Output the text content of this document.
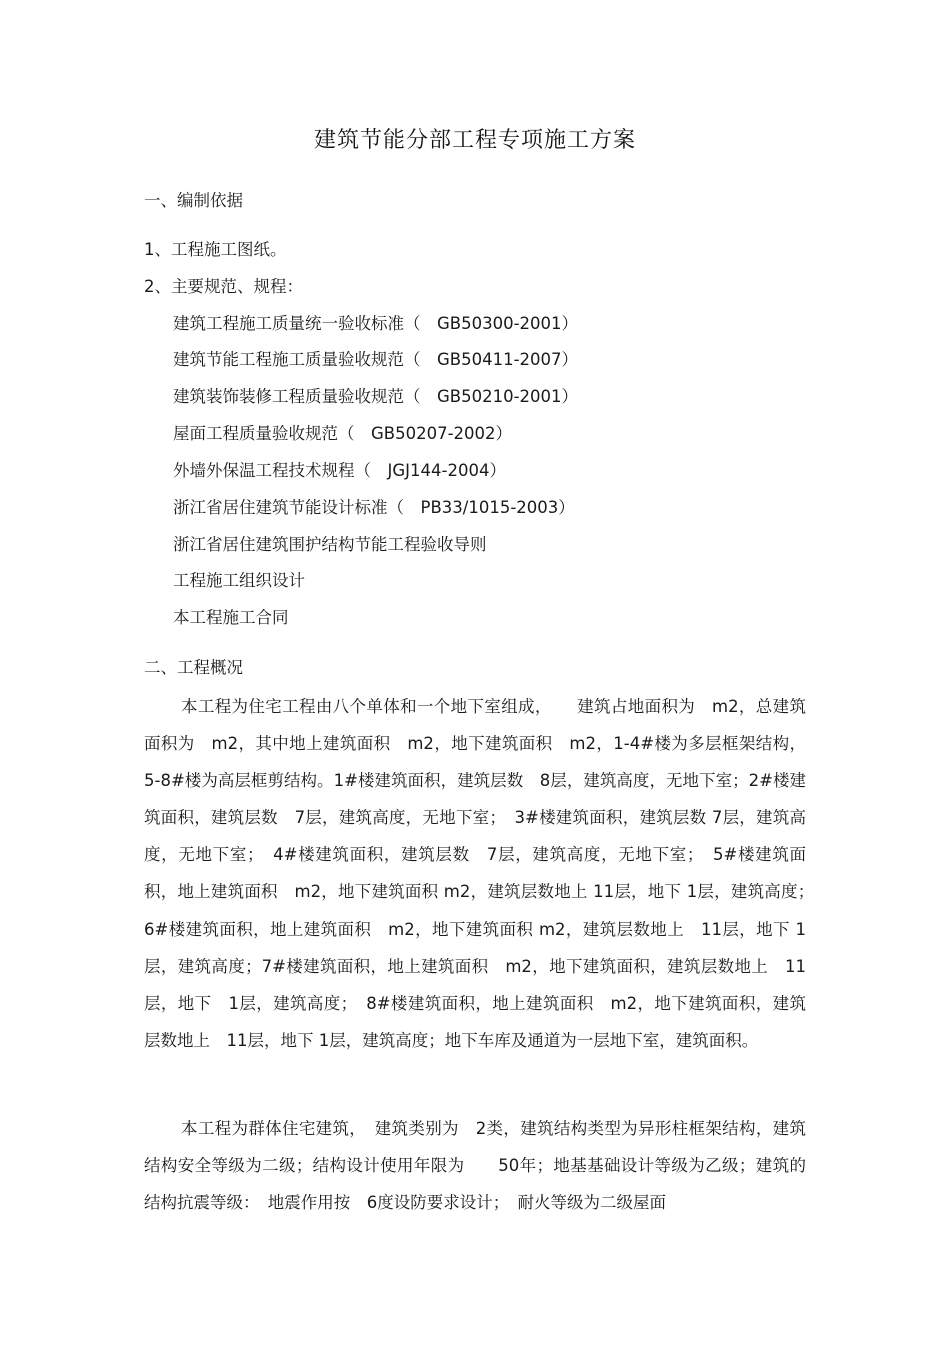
建筑节能分部工程专项施工方案
一、编制依据
1、工程施工图纸。
2、主要规范、规程：
建筑工程施工质量统一验收标准（　GB50300-2001）
建筑节能工程施工质量验收规范（　GB50411-2007）
建筑装饰装修工程质量验收规范（　GB50210-2001）
屋面工程质量验收规范（　GB50207-2002）
外墙外保温工程技术规程（　JGJ144-2004）
浙江省居住建筑节能设计标准（　PB33/1015-2003）
浙江省居住建筑围护结构节能工程验收导则
工程施工组织设计
本工程施工合同
二、工程概况

本工程为住宅工程由八个单体和一个地下室组成，　　建筑占地面积为　m2，总建筑面积为　m2，其中地上建筑面积　m2，地下建筑面积　m2，1-4#楼为多层框架结构，5-8#楼为高层框剪结构。1#楼建筑面积，建筑层数　8层，建筑高度，无地下室；2#楼建筑面积，建筑层数　7层，建筑高度，无地下室；　3#楼建筑面积，建筑层数 7层，建筑高度，无地下室；　4#楼建筑面积，建筑层数　7层，建筑高度，无地下室；　5#楼建筑面积，地上建筑面积　m2，地下建筑面积 m2，建筑层数地上 11层，地下 1层，建筑高度；　6#楼建筑面积，地上建筑面积　m2，地下建筑面积 m2，建筑层数地上　11层，地下 1层，建筑高度；7#楼建筑面积，地上建筑面积　m2，地下建筑面积，建筑层数地上　11层，地下　1层，建筑高度；　8#楼建筑面积，地上建筑面积　m2，地下建筑面积，建筑层数地上　11层，地下 1层，建筑高度；地下车库及通道为一层地下室，建筑面积。

本工程为群体住宅建筑，　建筑类别为　2类，建筑结构类型为异形柱框架结构，建筑结构安全等级为二级；结构设计使用年限为　　50年；地基基础设计等级为乙级；建筑的结构抗震等级：　地震作用按　6度设防要求设计；　耐火等级为二级屋面
